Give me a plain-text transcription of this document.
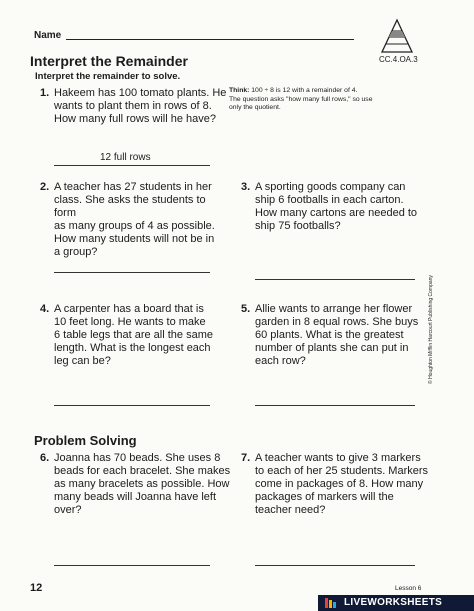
Name
CC.4.OA.3
Interpret the Remainder
Interpret the remainder to solve.
1. Hakeem has 100 tomato plants. He
wants to plant them in rows of 8.
How many full rows will he have?
Think: 100 ÷ 8 is 12 with a remainder of 4.
The question asks "how many full rows," so use
only the quotient.
12 full rows
2. A teacher has 27 students in her
class. She asks the students to form
as many groups of 4 as possible.
How many students will not be in
a group?
3. A sporting goods company can
ship 6 footballs in each carton.
How many cartons are needed to
ship 75 footballs?
4. A carpenter has a board that is
10 feet long. He wants to make
6 table legs that are all the same
length. What is the longest each
leg can be?
5. Allie wants to arrange her flower
garden in 8 equal rows. She buys
60 plants. What is the greatest
number of plants she can put in
each row?
Problem Solving
6. Joanna has 70 beads. She uses 8
beads for each bracelet. She makes
as many bracelets as possible. How
many beads will Joanna have left
over?
7. A teacher wants to give 3 markers
to each of her 25 students. Markers
come in packages of 8. How many
packages of markers will the
teacher need?
© Houghton Mifflin Harcourt Publishing Company
12	Lesson 6
LIVEWORKSHEETS
